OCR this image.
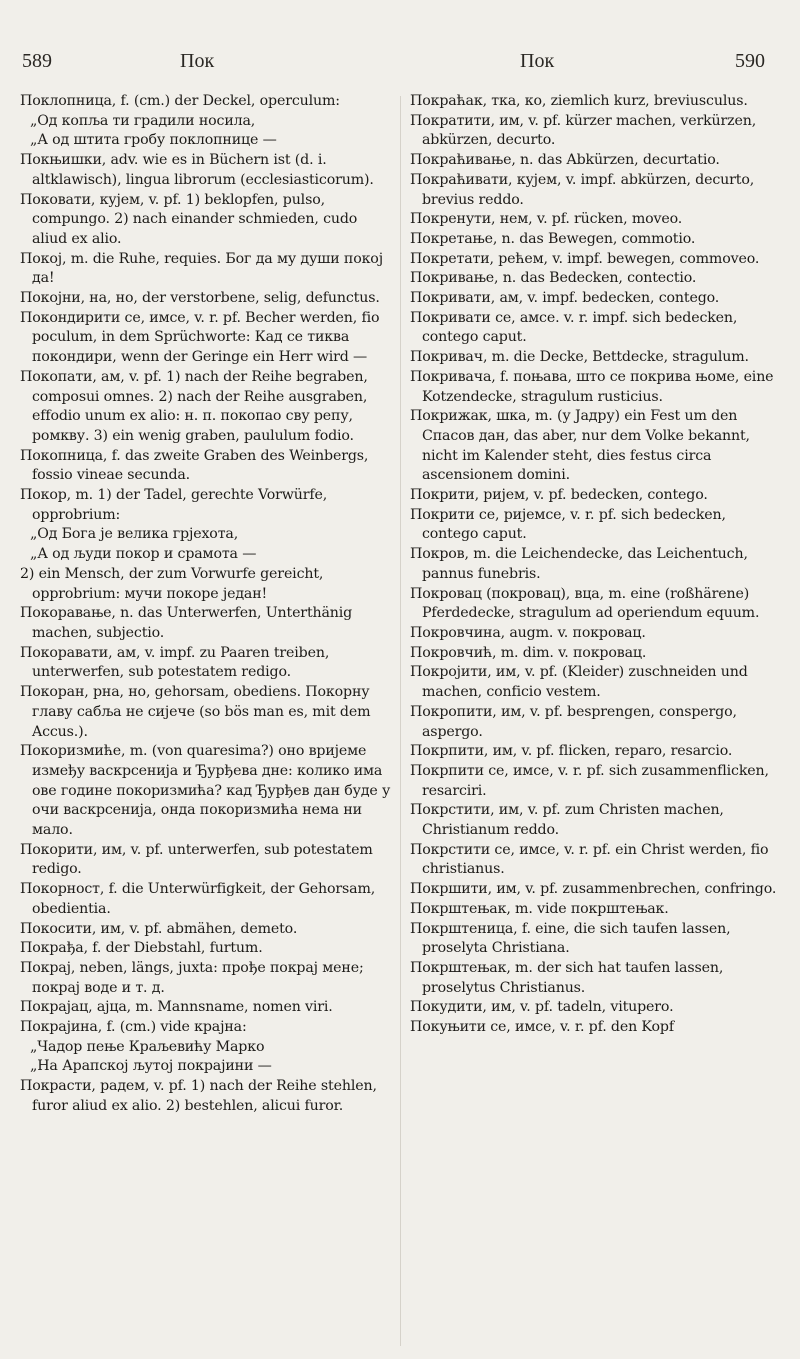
589	Пок	Пок	590

Поклопница, f. (cm.) der Deckel, operculum:

„Од копља ти градили носила,

„А од штита гробу поклопнице —

Покњишки, adv. wie es in Büchern ist (d. i. altklawisch), lingua librorum (ecclesiasticorum).

Поковати, кујем, v. pf. 1) beklopfen, pulso, compungo. 2) nach einander schmieden, cudo aliud ex alio.

Покој, m. die Ruhe, requies. Бог да му души покој да!

Покојни, на, но, der verstorbene, selig, defunctus.

Покондирити се, имсе, v. r. pf. Becher werden, fio poculum, in dem Sprüchworte: Кад се тиква покондири, wenn der Geringe ein Herr wird —

Покопати, ам, v. pf. 1) nach der Reihe begraben, composui omnes. 2) nach der Reihe ausgraben, effodio unum ex alio: н. п. покопао сву репу, ромкву. 3) ein wenig graben, paululum fodio.

Покопница, f. das zweite Graben des Weinbergs, fossio vineae secunda.

Покор, m. 1) der Tadel, gerechte Vorwürfe, opprobrium:

„Од Бога је велика грјехота,

„А од људи покор и срамота —

2) ein Mensch, der zum Vorwurfe gereicht, opprobrium: мучи покоре један!

Покоравање, n. das Unterwerfen, Unterthänig machen, subjectio.

Покоравати, ам, v. impf. zu Paaren treiben, unterwerfen, sub potestatem redigo.

Покоран, рна, но, gehorsam, obediens. Покорну главу сабља не сијече (so bös man es, mit dem Accus.).

Покоризмиће, m. (von quaresima?) оно вријеме између васкрсенија и Ђурђева дне: колико има ове године покоризмића? кад Ђурђев дан буде у очи васкрсенија, онда покоризмића нема ни мало.

Покорити, им, v. pf. unterwerfen, sub potestatem redigo.

Покорност, f. die Unterwürfigkeit, der Gehorsam, obedientia.

Покосити, им, v. pf. abmähen, demeto.

Покрађа, f. der Diebstahl, furtum.

Покрај, neben, längs, juxta: прође покрај мене; покрај воде и т. д.

Покрајац, ајца, m. Mannsname, nomen viri.

Покрајина, f. (cm.) vide крајна:

„Чадор пење Краљевићу Марко

„На Арапској љутој покрајини —

Покрасти, радем, v. pf. 1) nach der Reihe stehlen, furor aliud ex alio. 2) bestehlen, alicui furor.

Покраћак, тка, ко, ziemlich kurz, breviusculus.

Пократити, им, v. pf. kürzer machen, verkürzen, abkürzen, decurto.

Покраћивање, n. das Abkürzen, decurtatio.

Покраћивати, кујем, v. impf. abkürzen, decurto, brevius reddo.

Покренути, нем, v. pf. rücken, moveo.

Покретање, n. das Bewegen, commotio.

Покретати, рећем, v. impf. bewegen, commoveo.

Покривање, n. das Bedecken, contectio.

Покривати, ам, v. impf. bedecken, contego.

Покривати се, амсе. v. r. impf. sich bedecken, contego caput.

Покривач, m. die Decke, Bettdecke, stragulum.

Покривача, f. поњава, што се покрива њоме, eine Kotzendecke, stragulum rusticius.

Покрижак, шка, m. (у Јадру) ein Fest um den Спасов дан, das aber, nur dem Volke bekannt, nicht im Kalender steht, dies festus circa ascensionem domini.

Покрити, ријем, v. pf. bedecken, contego.

Покрити се, ријемсе, v. r. pf. sich bedecken, contego caput.

Покров, m. die Leichendecke, das Leichentuch, pannus funebris.

Покровац (покровац), вца, m. eine (roßhärene) Pferdedecke, stragulum ad operiendum equum.

Покровчина, augm. v. покровац.

Покровчић, m. dim. v. покровац.

Покројити, им, v. pf. (Kleider) zuschneiden und machen, conficio vestem.

Покропити, им, v. pf. besprengen, conspergo, aspergo.

Покрпити, им, v. pf. flicken, reparo, resarcio.

Покрпити се, имсе, v. r. pf. sich zusammenflicken, resarciri.

Покрстити, им, v. pf. zum Christen machen, Christianum reddo.

Покрстити се, имсе, v. r. pf. ein Christ werden, fio christianus.

Покршити, им, v. pf. zusammenbrechen, confringo.

Покрштењак, m. vide покрштењак.

Покрштеница, f. eine, die sich taufen lassen, proselyta Christiana.

Покрштењак, m. der sich hat taufen lassen, proselytus Christianus.

Покудити, им, v. pf. tadeln, vitupero.

Покуњити се, имсе, v. r. pf. den Kopf
